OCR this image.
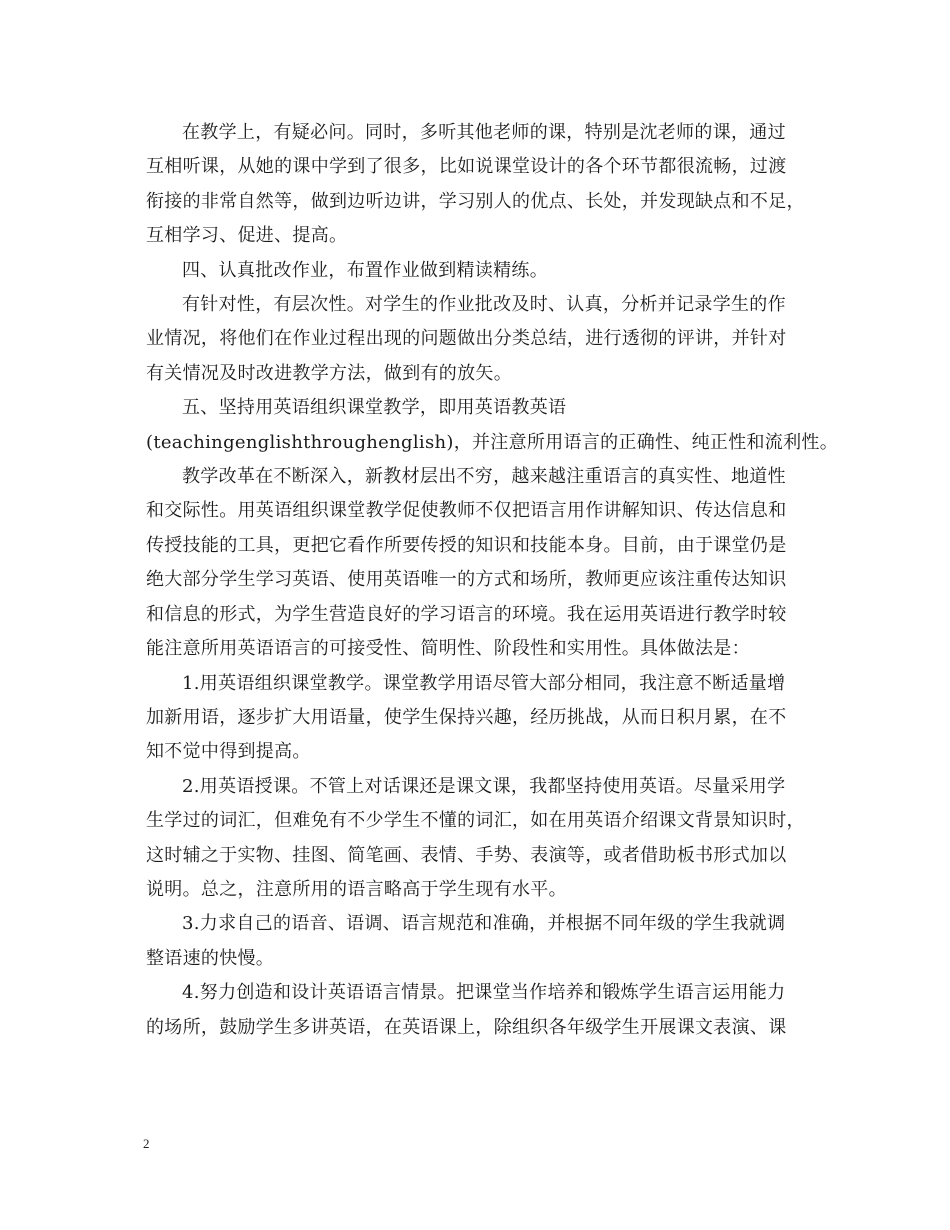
在教学上，有疑必问。同时，多听其他老师的课，特别是沈老师的课，通过
互相听课，从她的课中学到了很多，比如说课堂设计的各个环节都很流畅，过渡
衔接的非常自然等，做到边听边讲，学习别人的优点、长处，并发现缺点和不足，
互相学习、促进、提高。

四、认真批改作业，布置作业做到精读精练。

有针对性，有层次性。对学生的作业批改及时、认真，分析并记录学生的作
业情况，将他们在作业过程出现的问题做出分类总结，进行透彻的评讲，并针对
有关情况及时改进教学方法，做到有的放矢。

五、坚持用英语组织课堂教学，即用英语教英语
(teachingenglishthroughenglish)，并注意所用语言的正确性、纯正性和流利性。

教学改革在不断深入，新教材层出不穷，越来越注重语言的真实性、地道性
和交际性。用英语组织课堂教学促使教师不仅把语言用作讲解知识、传达信息和
传授技能的工具，更把它看作所要传授的知识和技能本身。目前，由于课堂仍是
绝大部分学生学习英语、使用英语唯一的方式和场所，教师更应该注重传达知识
和信息的形式，为学生营造良好的学习语言的环境。我在运用英语进行教学时较
能注意所用英语语言的可接受性、简明性、阶段性和实用性。具体做法是：

1.用英语组织课堂教学。课堂教学用语尽管大部分相同，我注意不断适量增
加新用语，逐步扩大用语量，使学生保持兴趣，经历挑战，从而日积月累，在不
知不觉中得到提高。

2.用英语授课。不管上对话课还是课文课，我都坚持使用英语。尽量采用学
生学过的词汇，但难免有不少学生不懂的词汇，如在用英语介绍课文背景知识时，
这时辅之于实物、挂图、简笔画、表情、手势、表演等，或者借助板书形式加以
说明。总之，注意所用的语言略高于学生现有水平。

3.力求自己的语音、语调、语言规范和准确，并根据不同年级的学生我就调
整语速的快慢。

4.努力创造和设计英语语言情景。把课堂当作培养和锻炼学生语言运用能力
的场所，鼓励学生多讲英语，在英语课上，除组织各年级学生开展课文表演、课

2
